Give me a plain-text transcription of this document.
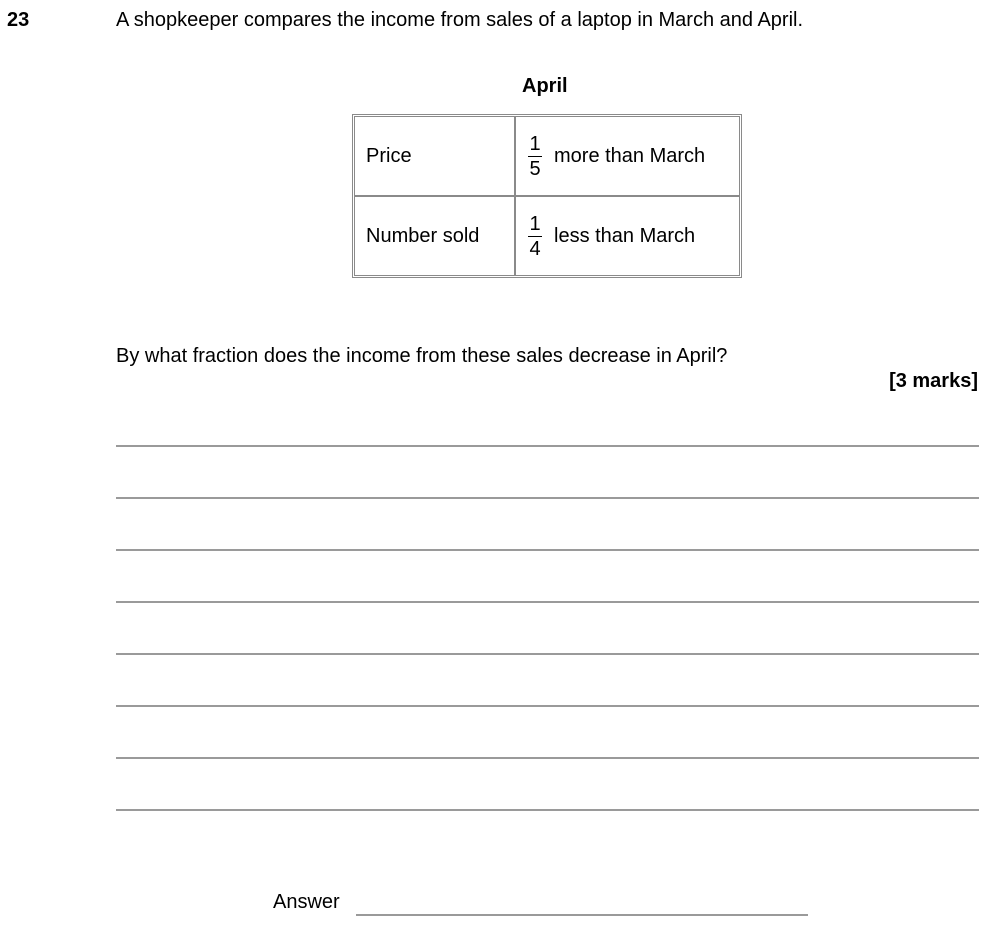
23	A shopkeeper compares the income from sales of a laptop in March and April.
April
Price	$\frac{1}{5}$ more than March
Number sold	$\frac{1}{4}$ less than March
By what fraction does the income from these sales decrease in April?
[3 marks]
Answer
